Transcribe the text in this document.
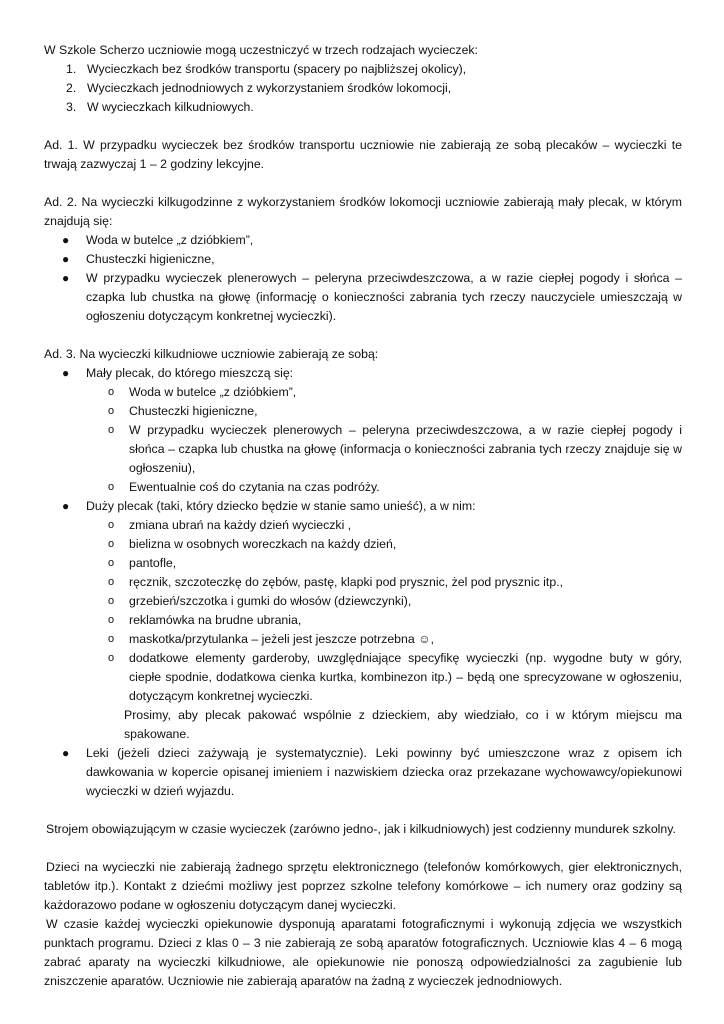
W Szkole Scherzo uczniowie mogą uczestniczyć w trzech rodzajach wycieczek:

1. Wycieczkach bez środków transportu (spacery po najbliższej okolicy),
2. Wycieczkach jednodniowych z wykorzystaniem środków lokomocji,
3. W wycieczkach kilkudniowych.

Ad. 1. W przypadku wycieczek bez środków transportu uczniowie nie zabierają ze sobą plecaków – wycieczki te trwają zazwyczaj 1 – 2 godziny lekcyjne.

Ad. 2. Na wycieczki kilkugodzinne z wykorzystaniem środków lokomocji uczniowie zabierają mały plecak, w którym znajdują się:

● Woda w butelce „z dzióbkiem”,
● Chusteczki higieniczne,
● W przypadku wycieczek plenerowych – peleryna przeciwdeszczowa, a w razie ciepłej pogody i słońca – czapka lub chustka na głowę (informację o konieczności zabrania tych rzeczy nauczyciele umieszczają w ogłoszeniu dotyczącym konkretnej wycieczki).

Ad. 3. Na wycieczki kilkudniowe uczniowie zabierają ze sobą:

● Mały plecak, do którego mieszczą się:
o Woda w butelce „z dzióbkiem”,
o Chusteczki higieniczne,
o W przypadku wycieczek plenerowych – peleryna przeciwdeszczowa, a w razie ciepłej pogody i słońca – czapka lub chustka na głowę (informacja o konieczności zabrania tych rzeczy znajduje się w ogłoszeniu),
o Ewentualnie coś do czytania na czas podróży.
● Duży plecak (taki, który dziecko będzie w stanie samo unieść), a w nim:
o zmiana ubrań na każdy dzień wycieczki ,
o bielizna w osobnych woreczkach na każdy dzień,
o pantofle,
o ręcznik, szczoteczkę do zębów, pastę, klapki pod prysznic, żel pod prysznic itp.,
o grzebień/szczotka i gumki do włosów (dziewczynki),
o reklamówka na brudne ubrania,
o maskotka/przytulanka – jeżeli jest jeszcze potrzebna ☺,
o dodatkowe elementy garderoby, uwzględniające specyfikę wycieczki (np. wygodne buty w góry, ciepłe spodnie, dodatkowa cienka kurtka, kombinezon itp.) – będą one sprecyzowane w ogłoszeniu, dotyczącym konkretnej wycieczki.

Prosimy, aby plecak pakować wspólnie z dzieckiem, aby wiedziało, co i w którym miejscu ma spakowane.

● Leki (jeżeli dzieci zażywają je systematycznie). Leki powinny być umieszczone wraz z opisem ich dawkowania w kopercie opisanej imieniem i nazwiskiem dziecka oraz przekazane wychowawcy/opiekunowi wycieczki w dzień wyjazdu.

Strojem obowiązującym w czasie wycieczek (zarówno jedno-, jak i kilkudniowych) jest codzienny mundurek szkolny.

Dzieci na wycieczki nie zabierają żadnego sprzętu elektronicznego (telefonów komórkowych, gier elektronicznych, tabletów itp.). Kontakt z dziećmi możliwy jest poprzez szkolne telefony komórkowe – ich numery oraz godziny są każdorazowo podane w ogłoszeniu dotyczącym danej wycieczki.

W czasie każdej wycieczki opiekunowie dysponują aparatami fotograficznymi i wykonują zdjęcia we wszystkich punktach programu. Dzieci z klas 0 – 3 nie zabierają ze sobą aparatów fotograficznych. Uczniowie klas 4 – 6 mogą zabrać aparaty na wycieczki kilkudniowe, ale opiekunowie nie ponoszą odpowiedzialności za zagubienie lub zniszczenie aparatów. Uczniowie nie zabierają aparatów na żadną z wycieczek jednodniowych.
